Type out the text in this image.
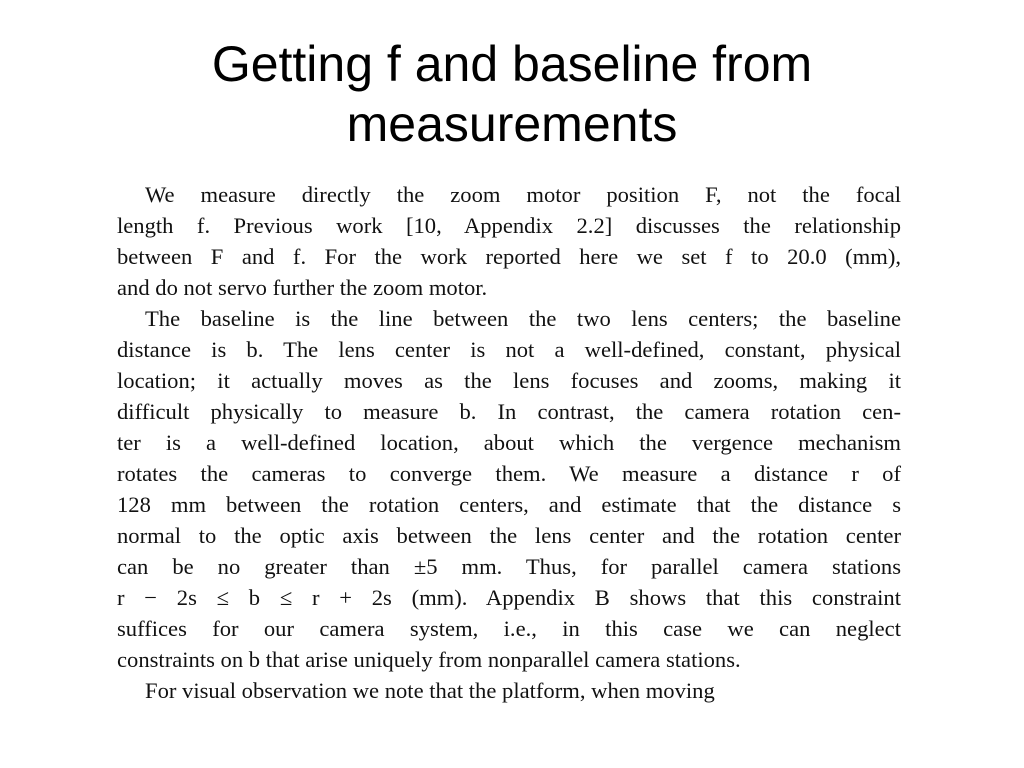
Getting f and baseline from
measurements
We measure directly the zoom motor position F, not the focal
length f. Previous work [10, Appendix 2.2] discusses the relationship
between F and f. For the work reported here we set f to 20.0 (mm),
and do not servo further the zoom motor.
The baseline is the line between the two lens centers; the baseline
distance is b. The lens center is not a well-defined, constant, physical
location; it actually moves as the lens focuses and zooms, making it
difficult physically to measure b. In contrast, the camera rotation cen-
ter is a well-defined location, about which the vergence mechanism
rotates the cameras to converge them. We measure a distance r of
128 mm between the rotation centers, and estimate that the distance s
normal to the optic axis between the lens center and the rotation center
can be no greater than ±5 mm. Thus, for parallel camera stations
r − 2s ≤ b ≤ r + 2s (mm). Appendix B shows that this constraint
suffices for our camera system, i.e., in this case we can neglect
constraints on b that arise uniquely from nonparallel camera stations.
For visual observation we note that the platform, when moving
